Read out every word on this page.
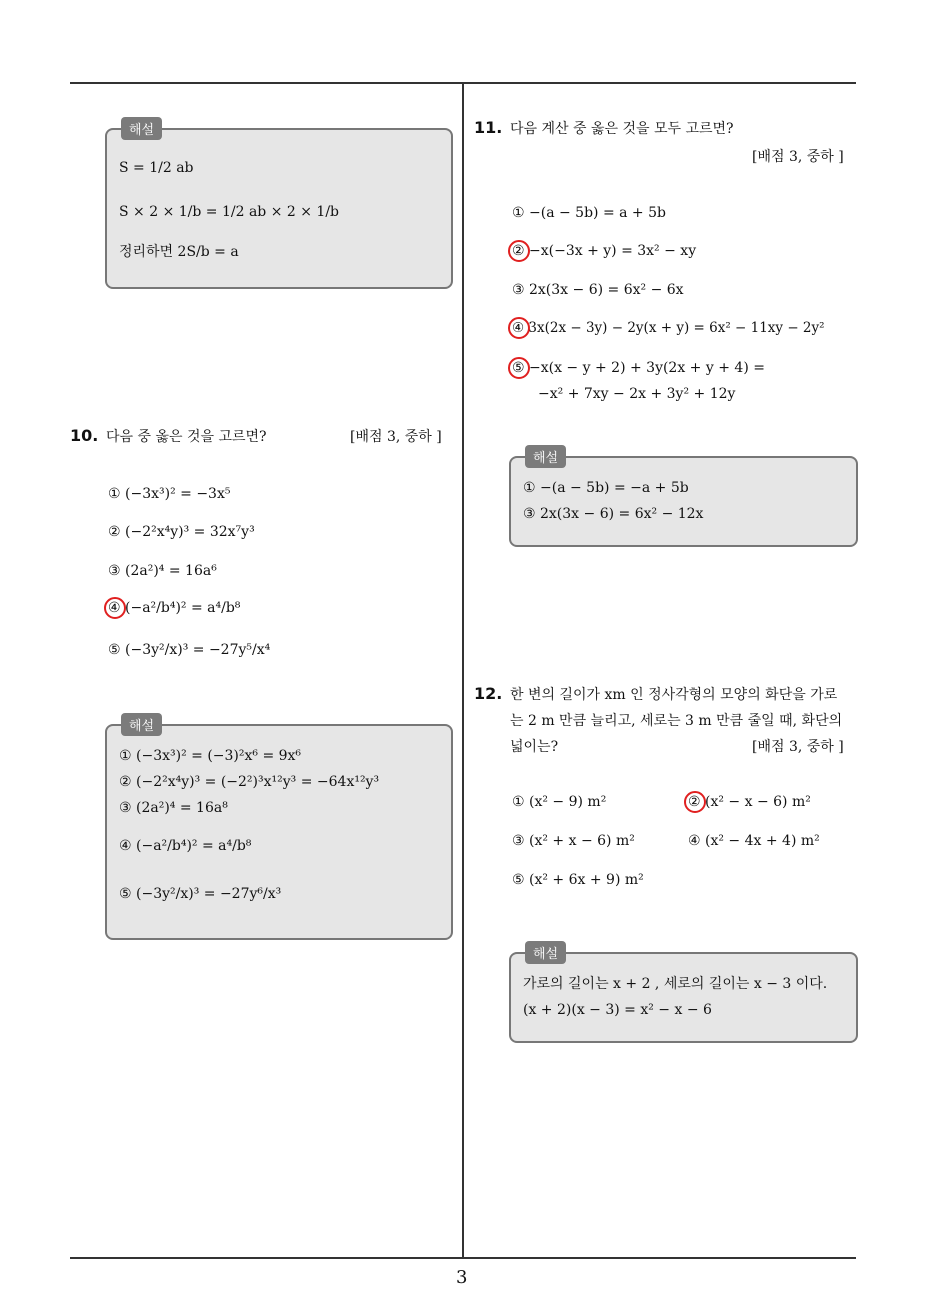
해설
S = 1/2 ab
S × 2 × 1/b = 1/2 ab × 2 × 1/b
정리하면 2S/b = a
10. 다음 중 옳은 것을 고르면?	[배점 3, 중하 ]
① (−3x³)² = −3x⁵
② (−2²x⁴y)³ = 32x⁷y³
③ (2a²)⁴ = 16a⁶
④ (−a²/b⁴)² = a⁴/b⁸
⑤ (−3y²/x)³ = −27y⁵/x⁴
해설
① (−3x³)² = (−3)²x⁶ = 9x⁶
② (−2²x⁴y)³ = (−2²)³x¹²y³ = −64x¹²y³
③ (2a²)⁴ = 16a⁸
④ (−a²/b⁴)² = a⁴/b⁸
⑤ (−3y²/x)³ = −27y⁶/x³
11. 다음 계산 중 옳은 것을 모두 고르면?
[배점 3, 중하 ]
① −(a − 5b) = a + 5b
② −x(−3x + y) = 3x² − xy
③ 2x(3x − 6) = 6x² − 6x
④ 3x(2x − 3y) − 2y(x + y) = 6x² − 11xy − 2y²
⑤ −x(x − y + 2) + 3y(2x + y + 4) =
−x² + 7xy − 2x + 3y² + 12y
해설
① −(a − 5b) = −a + 5b
③ 2x(3x − 6) = 6x² − 12x
12. 한 변의 길이가 xm 인 정사각형의 모양의 화단을 가로
는 2 m 만큼 늘리고, 세로는 3 m 만큼 줄일 때, 화단의
넓이는?	[배점 3, 중하 ]
① (x² − 9) m²	② (x² − x − 6) m²
③ (x² + x − 6) m²	④ (x² − 4x + 4) m²
⑤ (x² + 6x + 9) m²
해설
가로의 길이는 x + 2 , 세로의 길이는 x − 3 이다.
(x + 2)(x − 3) = x² − x − 6
3
